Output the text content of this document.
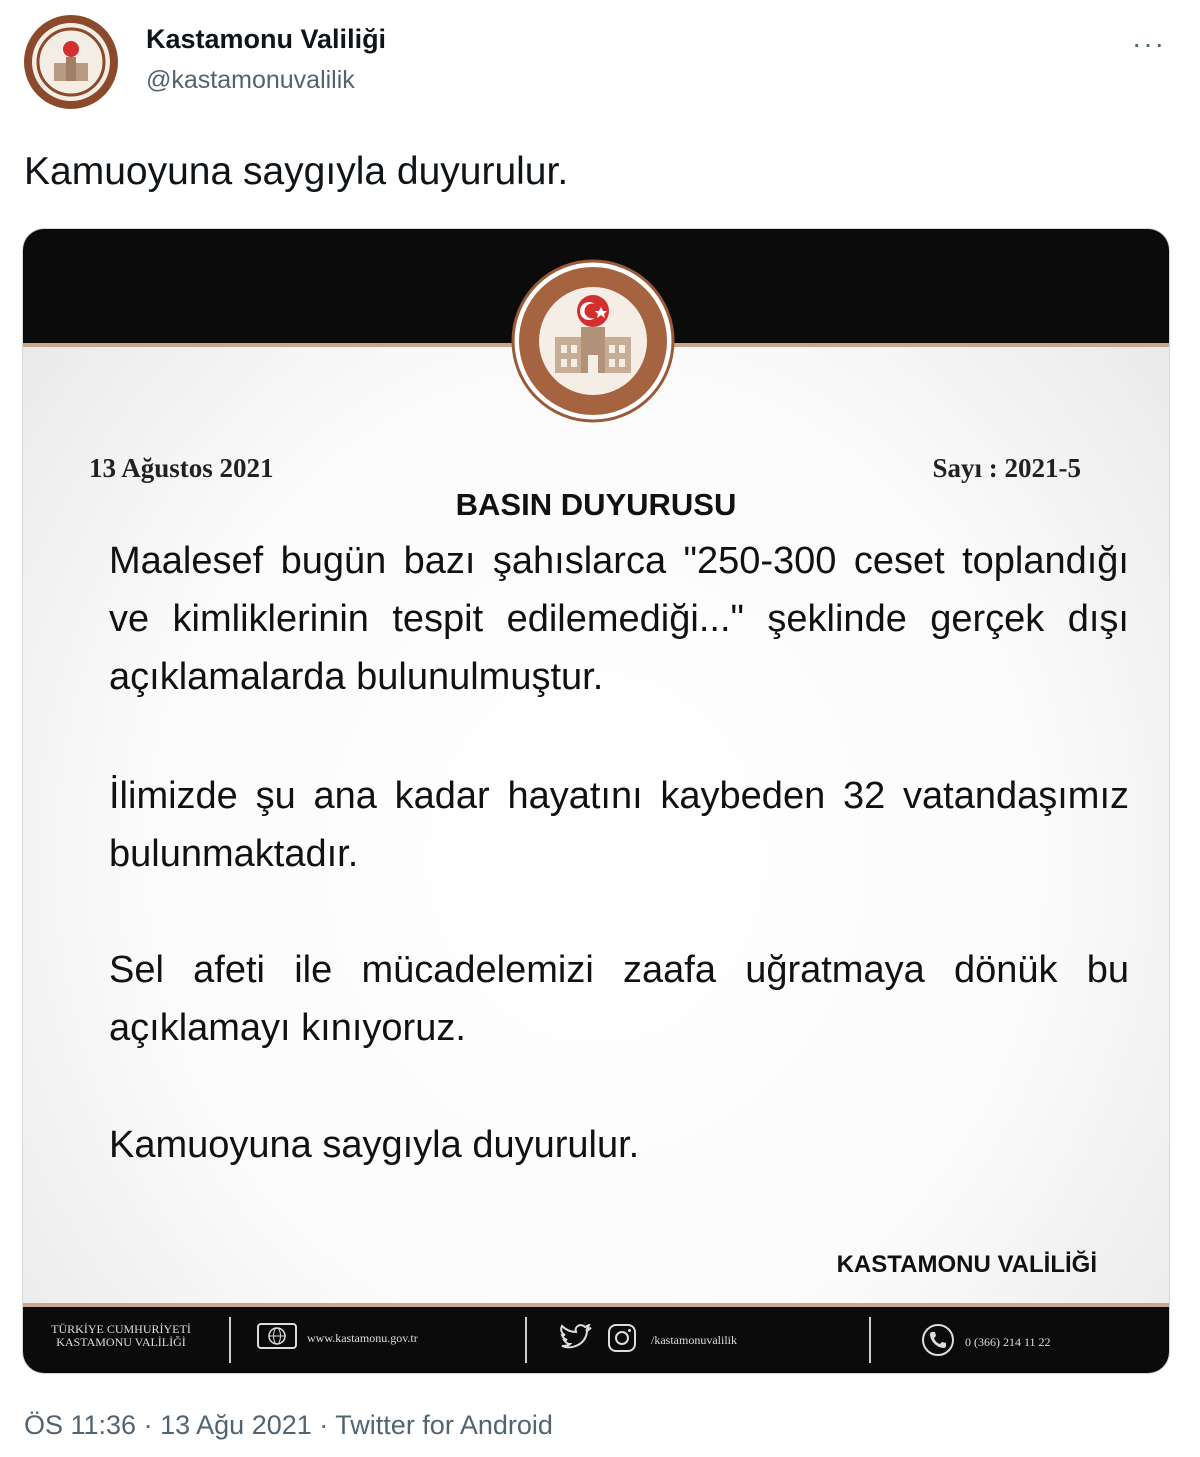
Kastamonu Valiliği
@kastamonuvalilik
···
Kamuoyuna saygıyla duyurulur.
13 Ağustos 2021	Sayı : 2021-5
BASIN DUYURUSU
Maalesef bugün bazı şahıslarca "250-300 ceset toplandığı ve kimliklerinin tespit edilemediği..." şeklinde gerçek dışı açıklamalarda bulunulmuştur.
İlimizde şu ana kadar hayatını kaybeden 32 vatandaşımız bulunmaktadır.
Sel afeti ile mücadelemizi zaafa uğratmaya dönük bu açıklamayı kınıyoruz.
Kamuoyuna saygıyla duyurulur.
KASTAMONU VALİLİĞİ
TÜRKİYE CUMHURİYETİ
KASTAMONU VALİLİĞİ	www.kastamonu.gov.tr	/kastamonuvalilik	0 (366) 214 11 22
ÖS 11:36 · 13 Ağu 2021 · Twitter for Android
